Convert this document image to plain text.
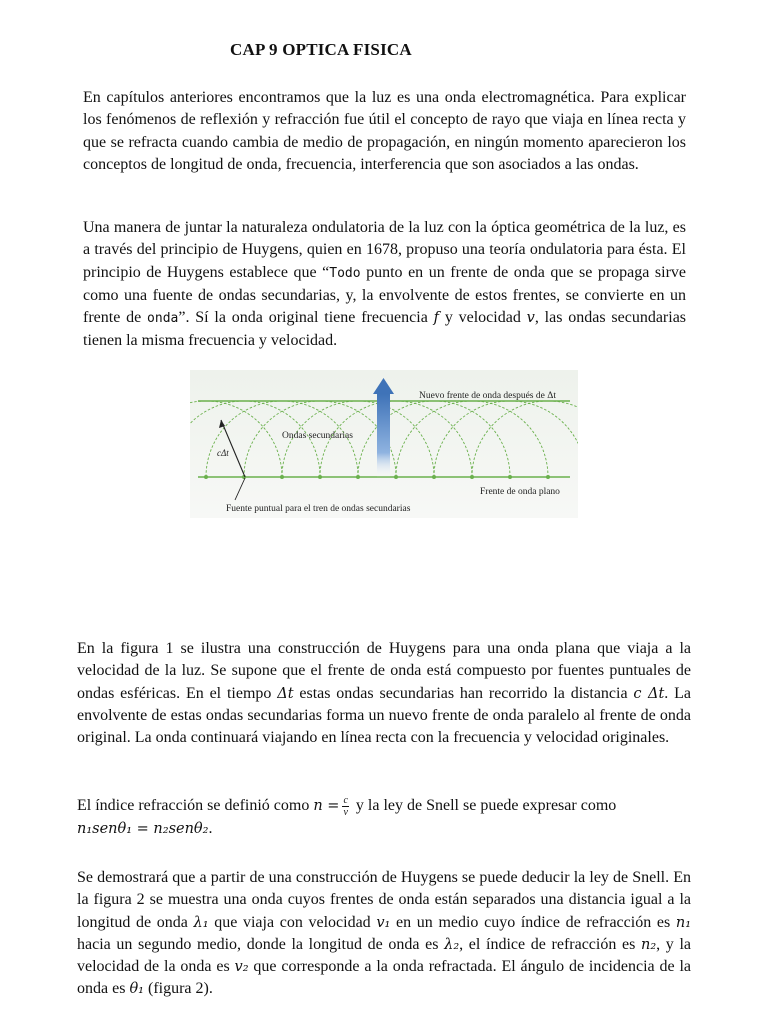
CAP 9 OPTICA FISICA

En capítulos anteriores encontramos que la luz es una onda electromagnética. Para explicar los fenómenos de reflexión y refracción fue útil el concepto de rayo que viaja en línea recta y que se refracta cuando cambia de medio de propagación, en ningún momento aparecieron los conceptos de longitud de onda, frecuencia, interferencia que son asociados a las ondas.

Una manera de juntar la naturaleza ondulatoria de la luz con la óptica geométrica de la luz, es a través del principio de Huygens, quien en 1678, propuso una teoría ondulatoria para ésta. El principio de Huygens establece que “Todo punto en un frente de onda que se propaga sirve como una fuente de ondas secundarias, y, la envolvente de estos frentes, se convierte en un frente de onda”. Sí la onda original tiene frecuencia f y velocidad v, las ondas secundarias tienen la misma frecuencia y velocidad.

Nuevo frente de onda después de Δt
Ondas secundarias
cΔt
Frente de onda plano
Fuente puntual para el tren de ondas secundarias

En la figura 1 se ilustra una construcción de Huygens para una onda plana que viaja a la velocidad de la luz. Se supone que el frente de onda está compuesto por fuentes puntuales de ondas esféricas. En el tiempo Δt estas ondas secundarias han recorrido la distancia c Δt. La envolvente de estas ondas secundarias forma un nuevo frente de onda paralelo al frente de onda original. La onda continuará viajando en línea recta con la frecuencia y velocidad originales.

El índice refracción se definió como $n = \frac{c}{v}$ y la ley de Snell se puede expresar como
n₁senθ₁ = n₂senθ₂.

Se demostrará que a partir de una construcción de Huygens se puede deducir la ley de Snell. En la figura 2 se muestra una onda cuyos frentes de onda están separados una distancia igual a la longitud de onda λ₁ que viaja con velocidad v₁ en un medio cuyo índice de refracción es n₁ hacia un segundo medio, donde la longitud de onda es λ₂, el índice de refracción es n₂, y la velocidad de la onda es v₂ que corresponde a la onda refractada. El ángulo de incidencia de la onda es θ₁ (figura 2).
